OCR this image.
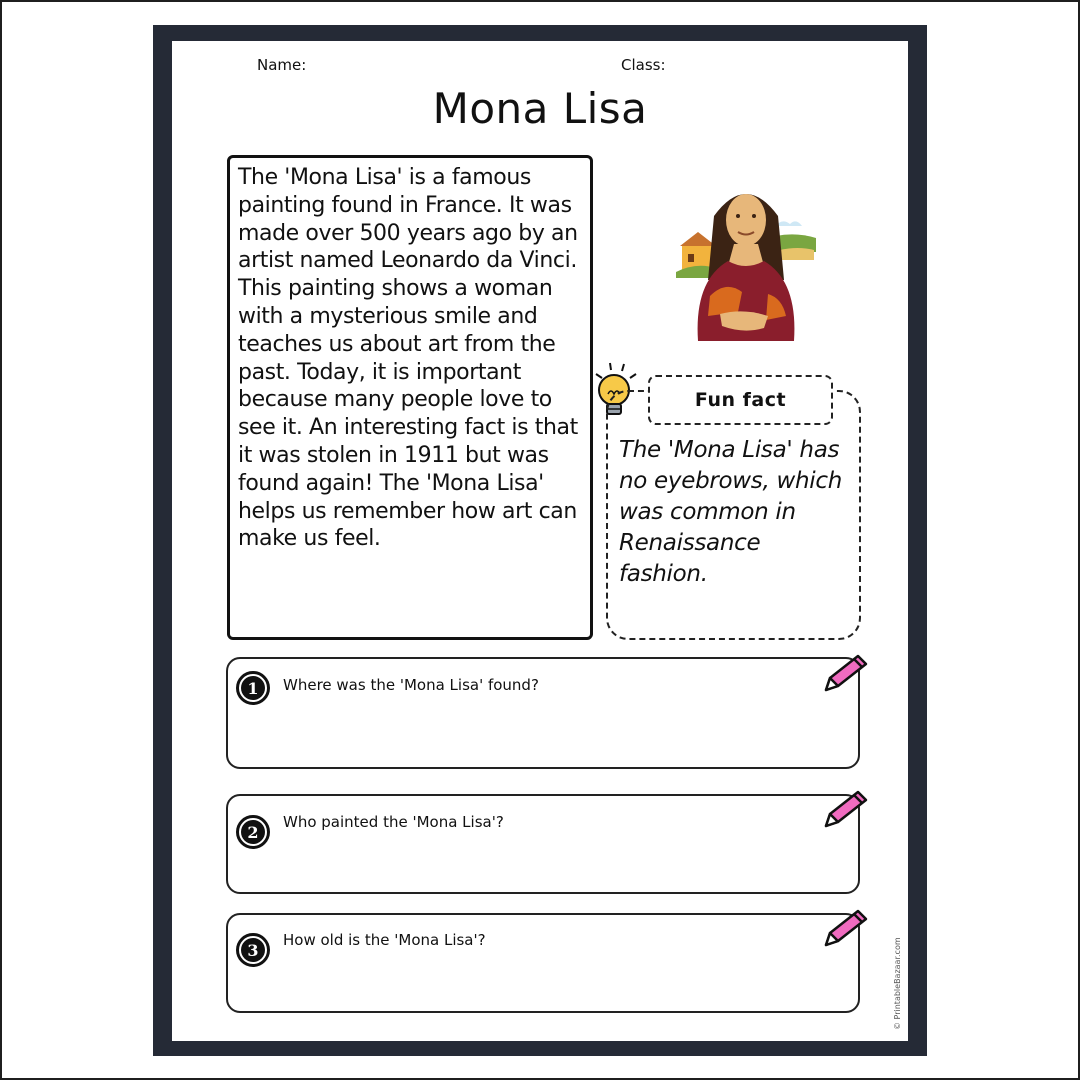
Name:	Class:
Mona Lisa
The 'Mona Lisa' is a famous painting found in France. It was made over 500 years ago by an artist named Leonardo da Vinci. This painting shows a woman with a mysterious smile and teaches us about art from the past. Today, it is important because many people love to see it. An interesting fact is that it was stolen in 1911 but was found again! The 'Mona Lisa' helps us remember how art can make us feel.
Fun fact
The 'Mona Lisa' has no eyebrows, which was common in Renaissance fashion.
1	Where was the 'Mona Lisa' found?
2
Who painted the 'Mona Lisa'?
3
How old is the 'Mona Lisa'?	© PrintableBazaar.com
